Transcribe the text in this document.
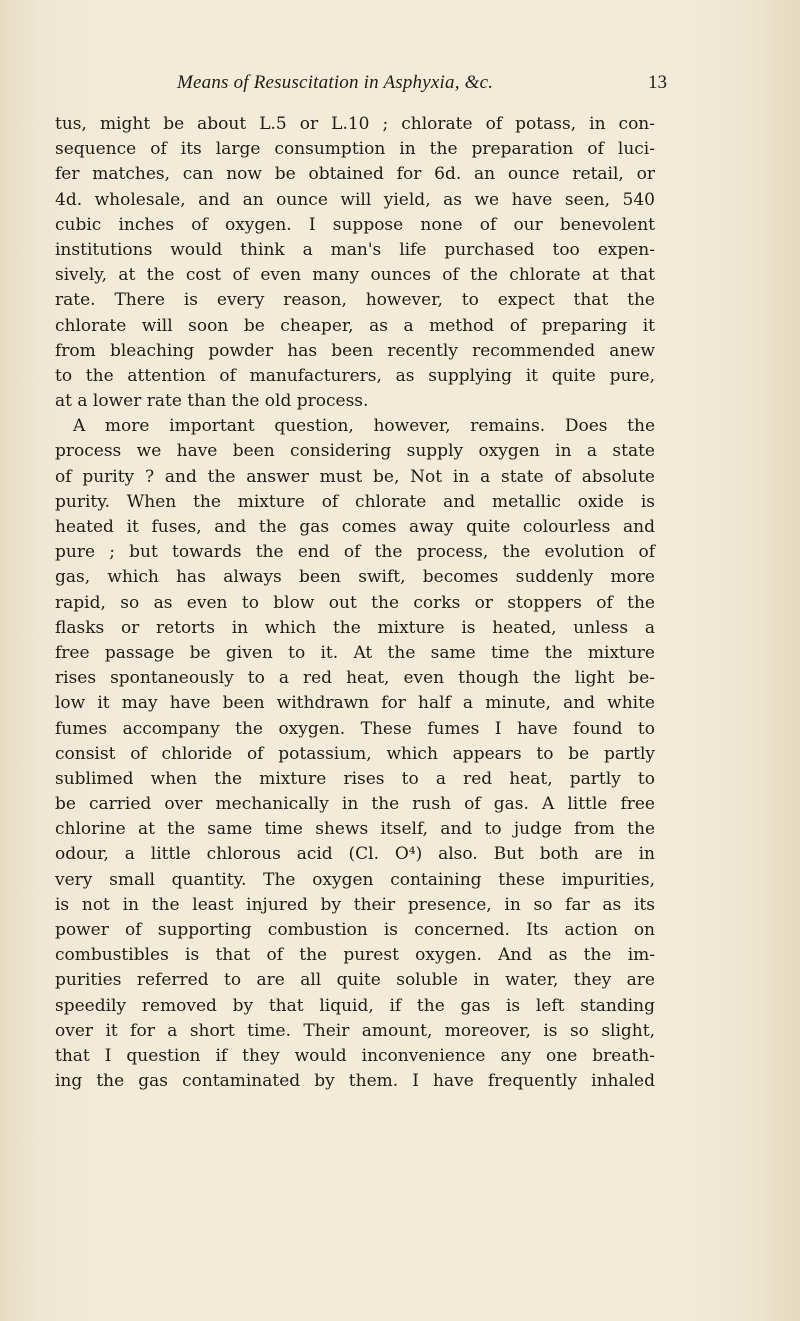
Means of Resuscitation in Asphyxia, &c.	13
tus, might be about L.5 or L.10 ; chlorate of potass, in con-
sequence of its large consumption in the preparation of luci-
fer matches, can now be obtained for 6d. an ounce retail, or
4d. wholesale, and an ounce will yield, as we have seen, 540
cubic inches of oxygen. I suppose none of our benevolent
institutions would think a man's life purchased too expen-
sively, at the cost of even many ounces of the chlorate at that
rate. There is every reason, however, to expect that the
chlorate will soon be cheaper, as a method of preparing it
from bleaching powder has been recently recommended anew
to the attention of manufacturers, as supplying it quite pure,
at a lower rate than the old process.
A more important question, however, remains. Does the
process we have been considering supply oxygen in a state
of purity ? and the answer must be, Not in a state of absolute
purity. When the mixture of chlorate and metallic oxide is
heated it fuses, and the gas comes away quite colourless and
pure ; but towards the end of the process, the evolution of
gas, which has always been swift, becomes suddenly more
rapid, so as even to blow out the corks or stoppers of the
flasks or retorts in which the mixture is heated, unless a
free passage be given to it. At the same time the mixture
rises spontaneously to a red heat, even though the light be-
low it may have been withdrawn for half a minute, and white
fumes accompany the oxygen. These fumes I have found to
consist of chloride of potassium, which appears to be partly
sublimed when the mixture rises to a red heat, partly to
be carried over mechanically in the rush of gas. A little free
chlorine at the same time shews itself, and to judge from the
odour, a little chlorous acid (Cl. O⁴) also. But both are in
very small quantity. The oxygen containing these impurities,
is not in the least injured by their presence, in so far as its
power of supporting combustion is concerned. Its action on
combustibles is that of the purest oxygen. And as the im-
purities referred to are all quite soluble in water, they are
speedily removed by that liquid, if the gas is left standing
over it for a short time. Their amount, moreover, is so slight,
that I question if they would inconvenience any one breath-
ing the gas contaminated by them. I have frequently inhaled
